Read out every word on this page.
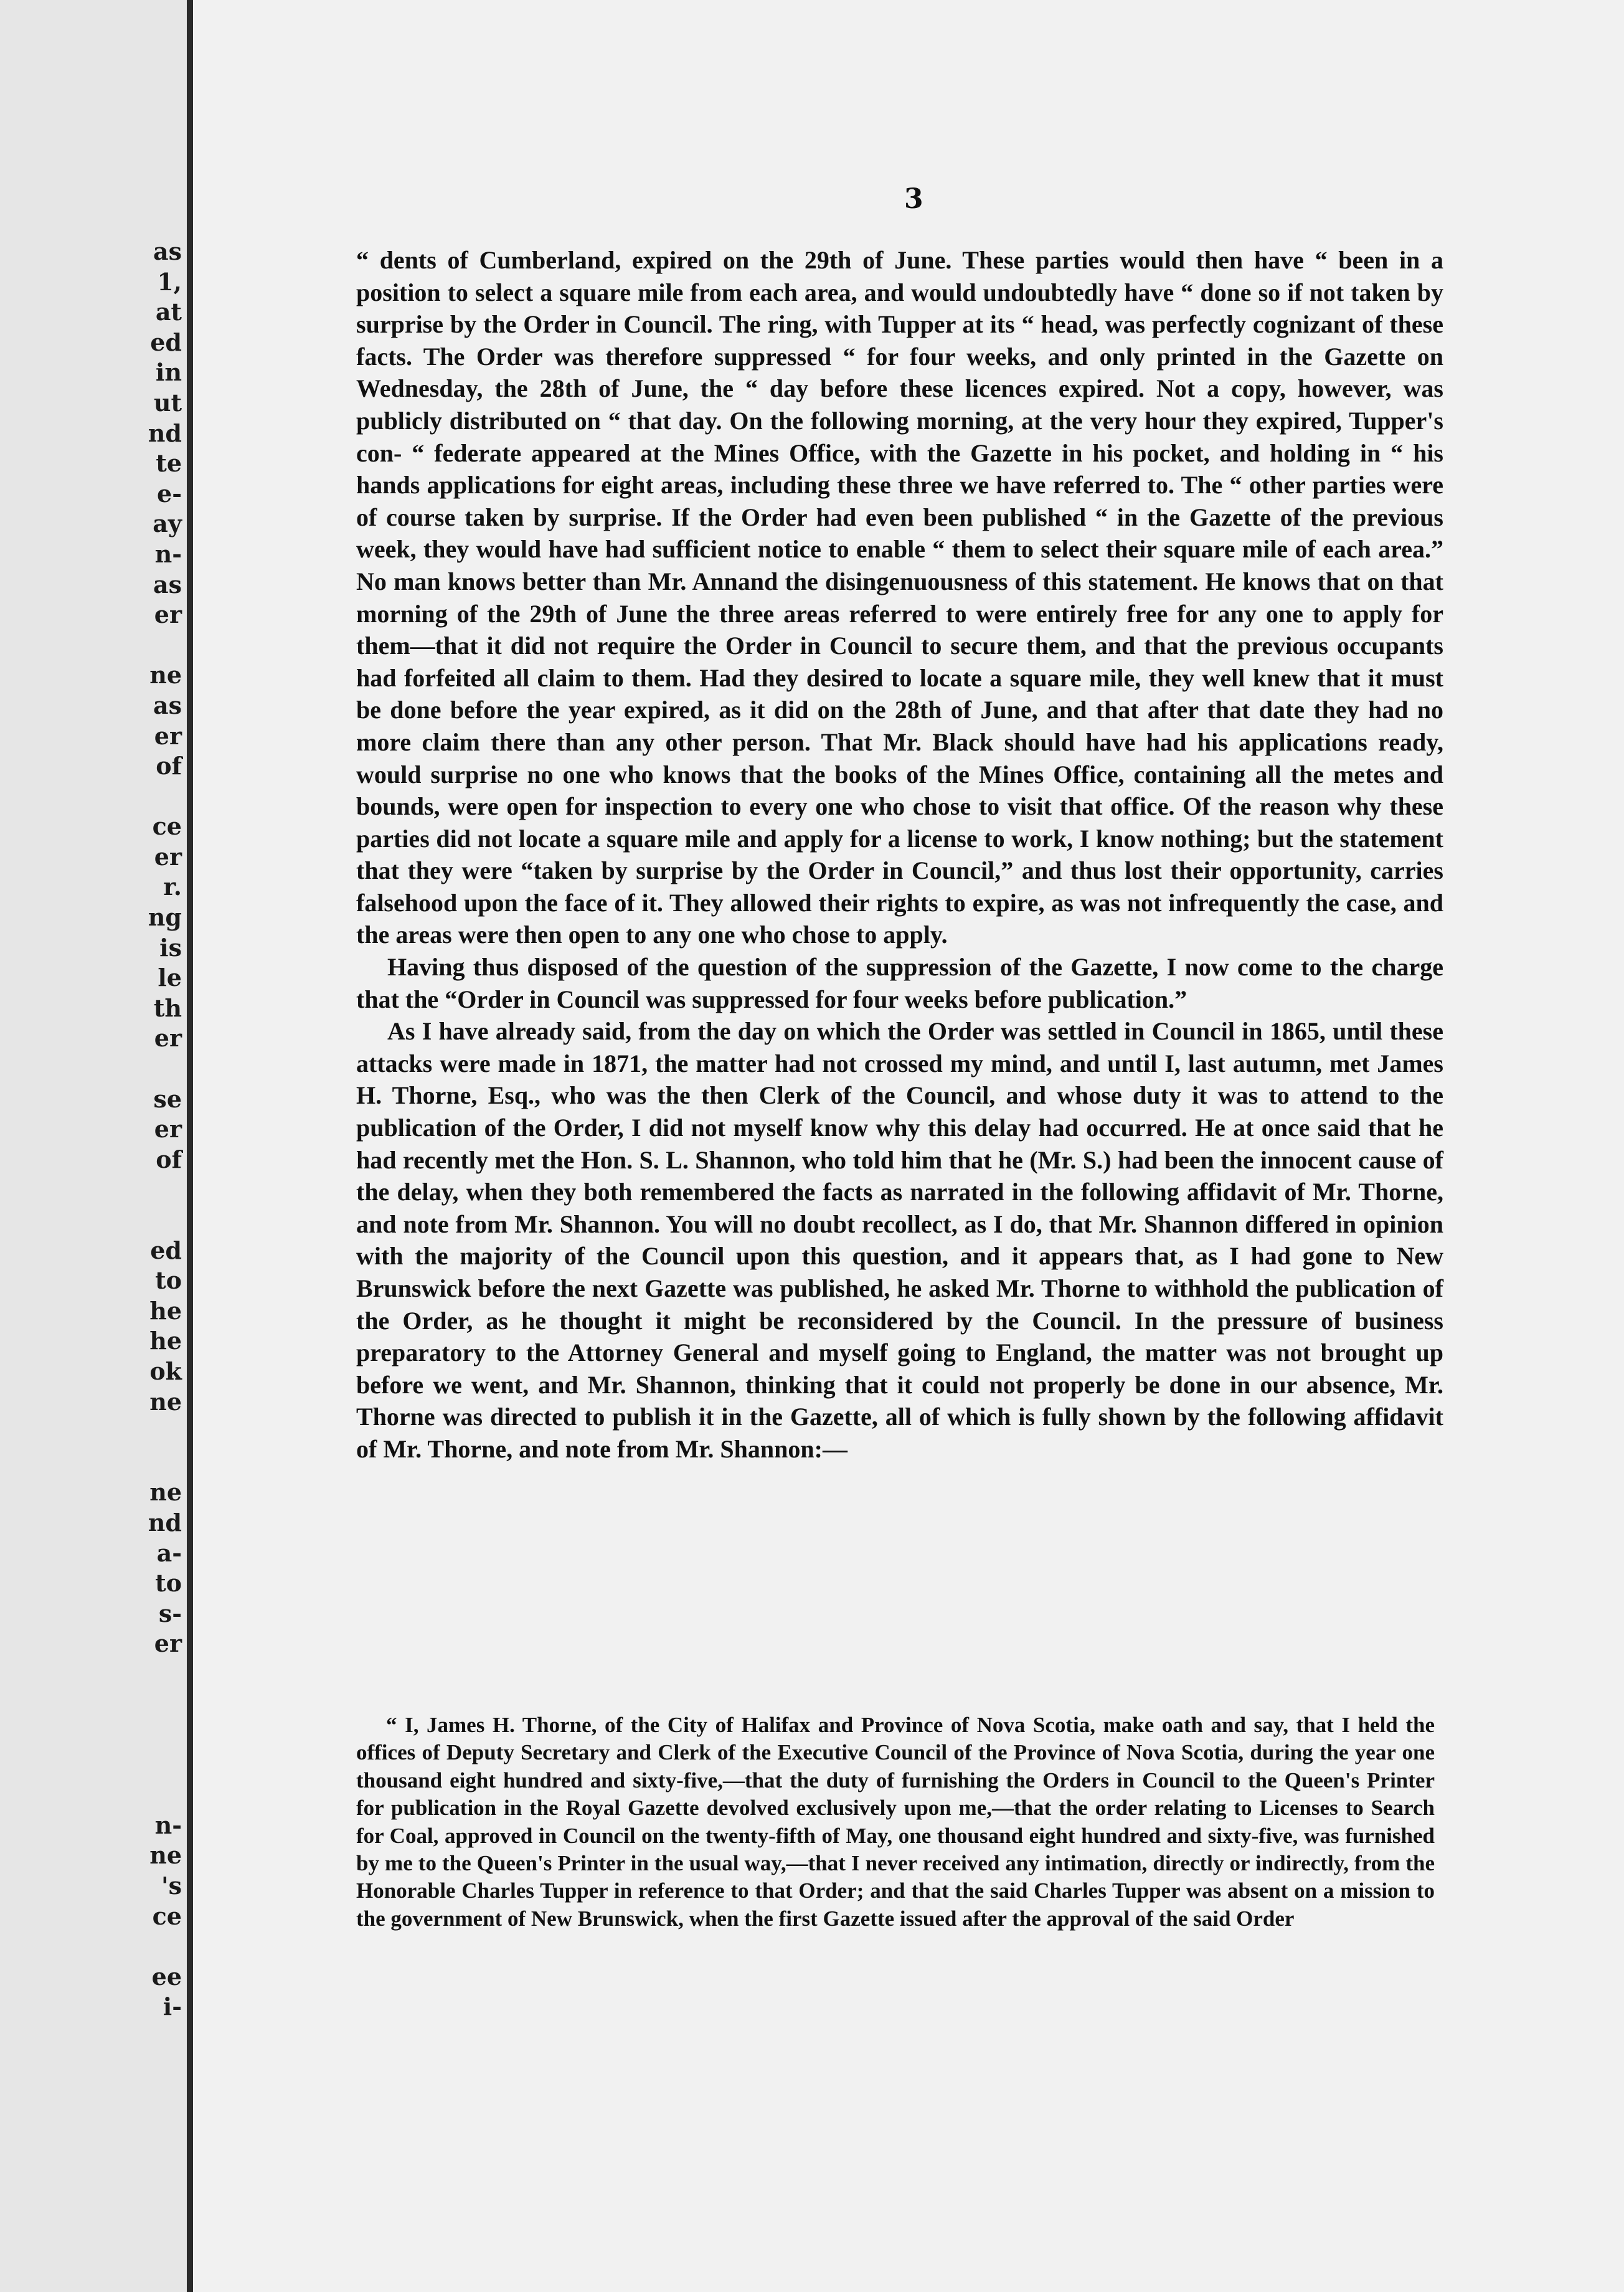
as
1,
at
ed
in
ut
nd
te
e-
ay
n-
as
er
ne
as
er
of
ce
er
r.
ng
is
le
th
er
se
er
of
ed
to
he
he
ok
ne
ne
nd
a-
to
s-
er
n-
ne
's
ce
ee
i-
3

“ dents of Cumberland, expired on the 29th of June. These parties would then have “ been in a position to select a square mile from each area, and would undoubtedly have “ done so if not taken by surprise by the Order in Council. The ring, with Tupper at its “ head, was perfectly cognizant of these facts. The Order was therefore suppressed “ for four weeks, and only printed in the Gazette on Wednesday, the 28th of June, the “ day before these licences expired. Not a copy, however, was publicly distributed on “ that day. On the following morning, at the very hour they expired, Tupper's con- “ federate appeared at the Mines Office, with the Gazette in his pocket, and holding in “ his hands applications for eight areas, including these three we have referred to. The “ other parties were of course taken by surprise. If the Order had even been published “ in the Gazette of the previous week, they would have had sufficient notice to enable “ them to select their square mile of each area.” No man knows better than Mr. Annand the disingenuousness of this statement. He knows that on that morning of the 29th of June the three areas referred to were entirely free for any one to apply for them—that it did not require the Order in Council to secure them, and that the previous occupants had forfeited all claim to them. Had they desired to locate a square mile, they well knew that it must be done before the year expired, as it did on the 28th of June, and that after that date they had no more claim there than any other person. That Mr. Black should have had his applications ready, would surprise no one who knows that the books of the Mines Office, containing all the metes and bounds, were open for inspection to every one who chose to visit that office. Of the reason why these parties did not locate a square mile and apply for a license to work, I know nothing; but the statement that they were “taken by surprise by the Order in Council,” and thus lost their opportunity, carries falsehood upon the face of it. They allowed their rights to expire, as was not infrequently the case, and the areas were then open to any one who chose to apply.

Having thus disposed of the question of the suppression of the Gazette, I now come to the charge that the “Order in Council was suppressed for four weeks before publication.”

As I have already said, from the day on which the Order was settled in Council in 1865, until these attacks were made in 1871, the matter had not crossed my mind, and until I, last autumn, met James H. Thorne, Esq., who was the then Clerk of the Council, and whose duty it was to attend to the publication of the Order, I did not myself know why this delay had occurred. He at once said that he had recently met the Hon. S. L. Shannon, who told him that he (Mr. S.) had been the innocent cause of the delay, when they both remembered the facts as narrated in the following affidavit of Mr. Thorne, and note from Mr. Shannon. You will no doubt recollect, as I do, that Mr. Shannon differed in opinion with the majority of the Council upon this question, and it appears that, as I had gone to New Brunswick before the next Gazette was published, he asked Mr. Thorne to withhold the publication of the Order, as he thought it might be reconsidered by the Council. In the pressure of business preparatory to the Attorney General and myself going to England, the matter was not brought up before we went, and Mr. Shannon, thinking that it could not properly be done in our absence, Mr. Thorne was directed to publish it in the Gazette, all of which is fully shown by the following affidavit of Mr. Thorne, and note from Mr. Shannon:—

“ I, James H. Thorne, of the City of Halifax and Province of Nova Scotia, make oath and say, that I held the offices of Deputy Secretary and Clerk of the Executive Council of the Province of Nova Scotia, during the year one thousand eight hundred and sixty-five,—that the duty of furnishing the Orders in Council to the Queen's Printer for publication in the Royal Gazette devolved exclusively upon me,—that the order relating to Licenses to Search for Coal, approved in Council on the twenty-fifth of May, one thousand eight hundred and sixty-five, was furnished by me to the Queen's Printer in the usual way,—that I never received any intimation, directly or indirectly, from the Honorable Charles Tupper in reference to that Order; and that the said Charles Tupper was absent on a mission to the government of New Brunswick, when the first Gazette issued after the approval of the said Order
